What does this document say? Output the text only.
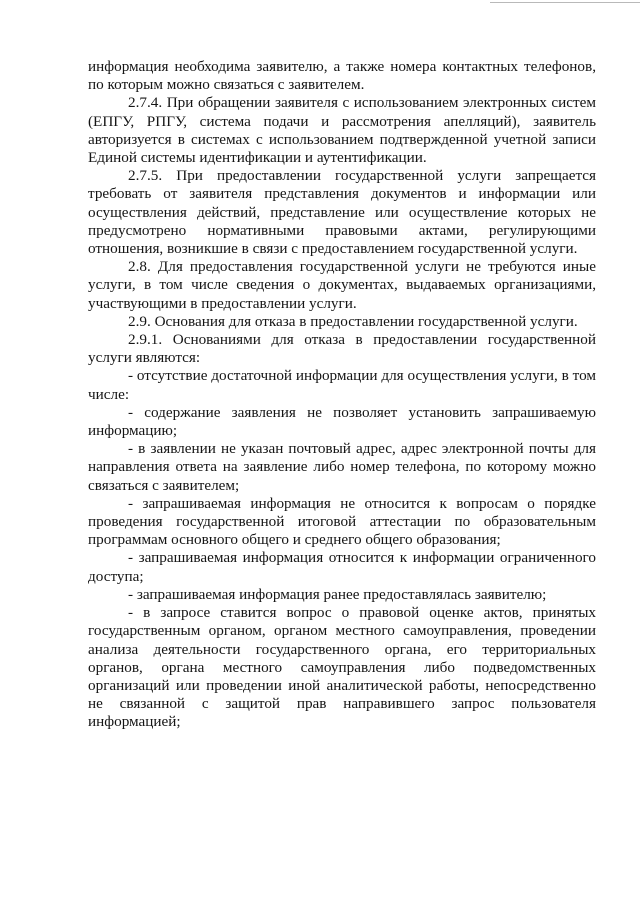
информация необходима заявителю, а также номера контактных телефонов, по которым можно связаться с заявителем.

2.7.4. При обращении заявителя с использованием электронных систем (ЕПГУ, РПГУ, система подачи и рассмотрения апелляций), заявитель авторизуется в системах с использованием подтвержденной учетной записи Единой системы идентификации и аутентификации.

2.7.5. При предоставлении государственной услуги запрещается требовать от заявителя представления документов и информации или осуществления действий, представление или осуществление которых не предусмотрено нормативными правовыми актами, регулирующими отношения, возникшие в связи с предоставлением государственной услуги.

2.8. Для предоставления государственной услуги не требуются иные услуги, в том числе сведения о документах, выдаваемых организациями, участвующими в предоставлении услуги.

2.9. Основания для отказа в предоставлении государственной услуги.

2.9.1. Основаниями для отказа в предоставлении государственной услуги являются:

- отсутствие достаточной информации для осуществления услуги, в том числе:

- содержание заявления не позволяет установить запрашиваемую информацию;

- в заявлении не указан почтовый адрес, адрес электронной почты для направления ответа на заявление либо номер телефона, по которому можно связаться с заявителем;

- запрашиваемая информация не относится к вопросам о порядке проведения государственной итоговой аттестации по образовательным программам основного общего и среднего общего образования;

- запрашиваемая информация относится к информации ограниченного доступа;

- запрашиваемая информация ранее предоставлялась заявителю;

- в запросе ставится вопрос о правовой оценке актов, принятых государственным органом, органом местного самоуправления, проведении анализа деятельности государственного органа, его территориальных органов, органа местного самоуправления либо подведомственных организаций или проведении иной аналитической работы, непосредственно не связанной с защитой прав направившего запрос пользователя информацией;
